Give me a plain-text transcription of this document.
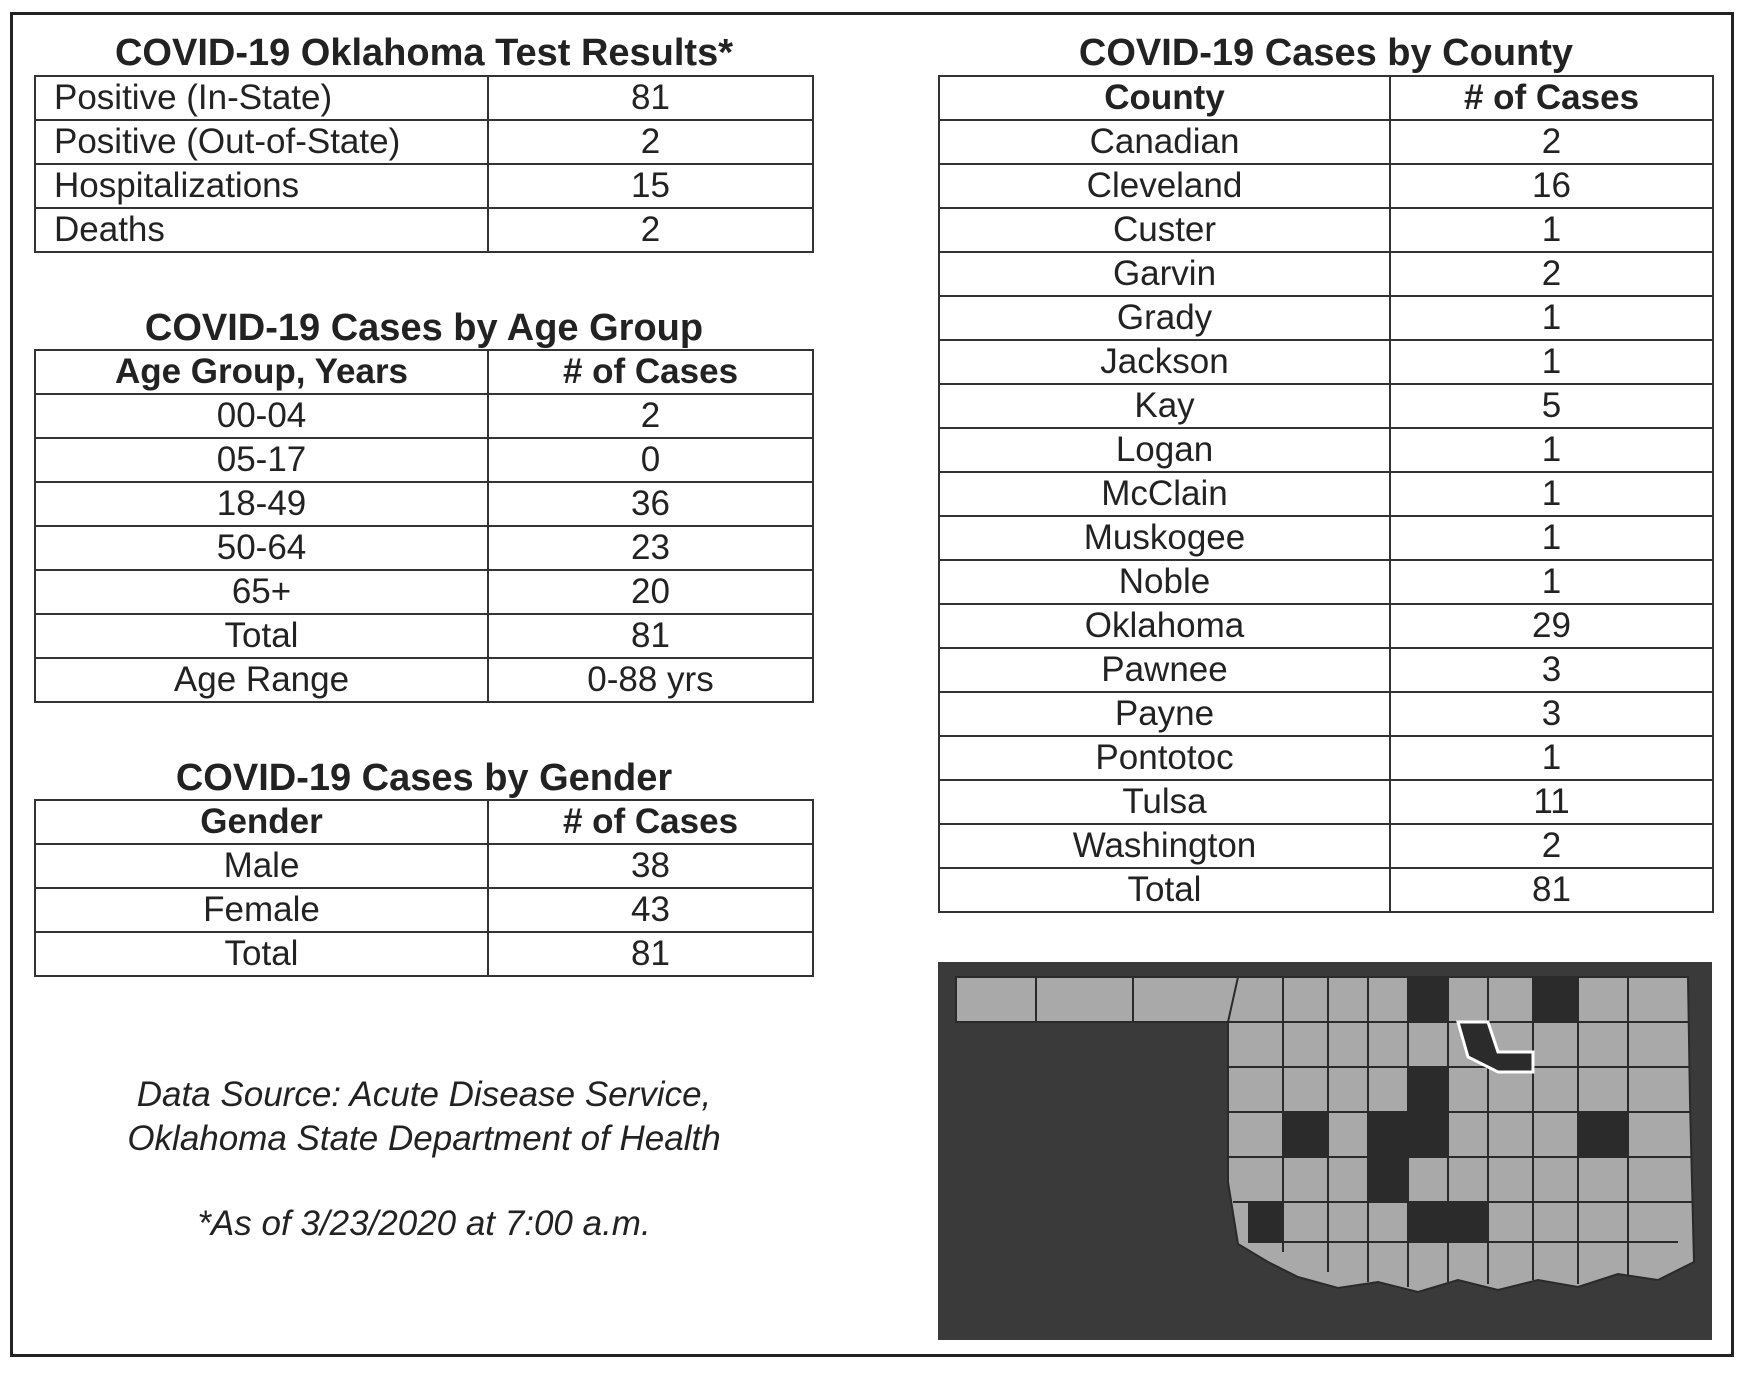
COVID-19 Oklahoma Test Results*
Positive (In-State)	81
Positive (Out-of-State)	2
Hospitalizations	15
Deaths	2
COVID-19 Cases by Age Group
Age Group, Years	# of Cases
00-04	2
05-17	0
18-49	36
50-64	23
65+	20
Total	81
Age Range	0-88 yrs
COVID-19 Cases by Gender
Gender	# of Cases
Male	38
Female	43
Total	81
Data Source: Acute Disease Service,
Oklahoma State Department of Health
*As of 3/23/2020 at 7:00 a.m.
COVID-19 Cases by County
County	# of Cases
Canadian	2
Cleveland	16
Custer	1
Garvin	2
Grady	1
Jackson	1
Kay	5
Logan	1
McClain	1
Muskogee	1
Noble	1
Oklahoma	29
Pawnee	3
Payne	3
Pontotoc	1
Tulsa	11
Washington	2
Total	81
